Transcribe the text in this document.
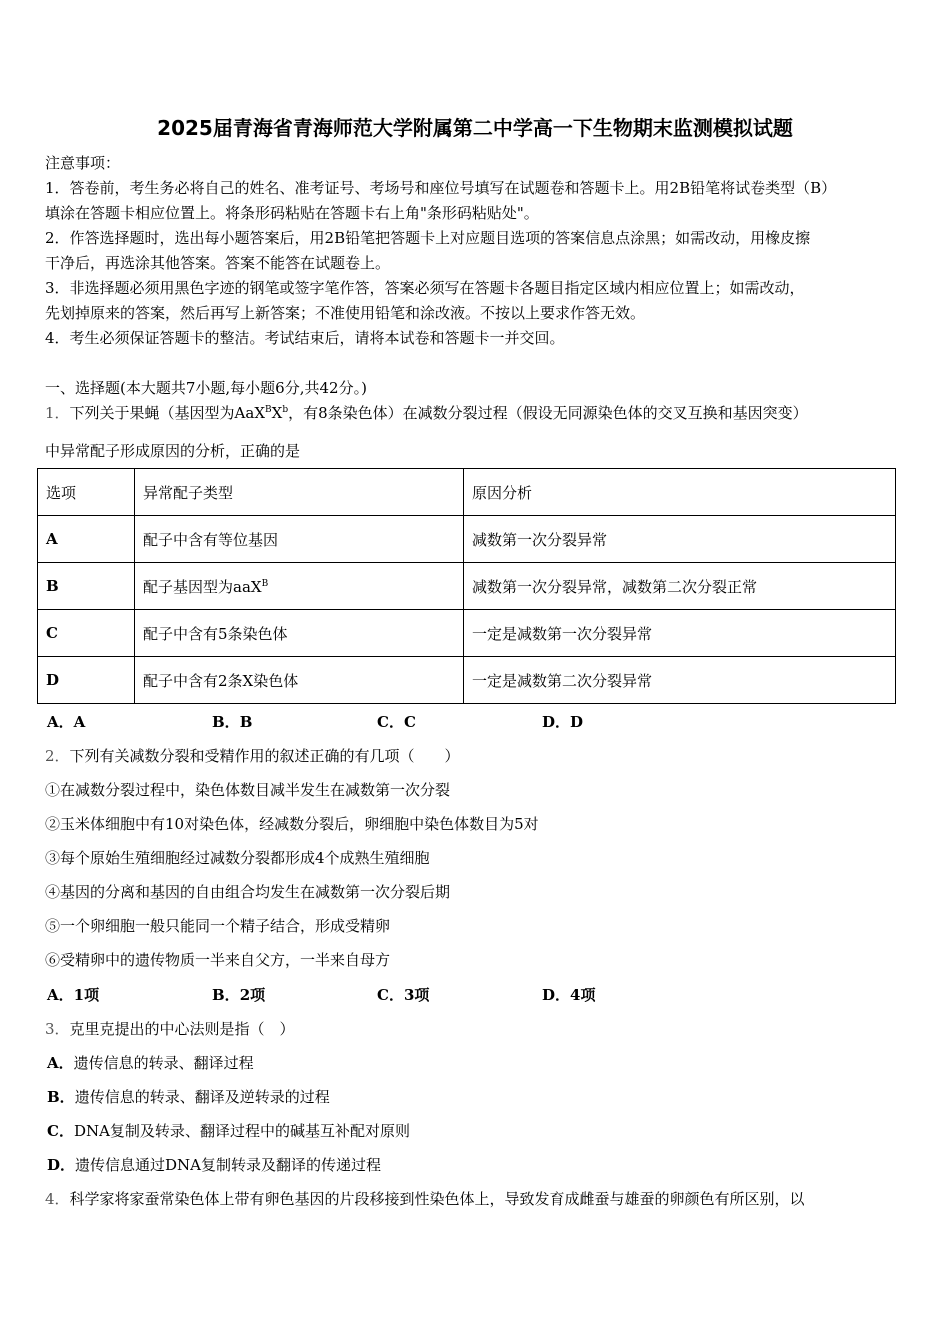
2025届青海省青海师范大学附属第二中学高一下生物期末监测模拟试题
注意事项：
1．答卷前，考生务必将自己的姓名、准考证号、考场号和座位号填写在试题卷和答题卡上。用2B铅笔将试卷类型（B）
填涂在答题卡相应位置上。将条形码粘贴在答题卡右上角"条形码粘贴处"。
2．作答选择题时，选出每小题答案后，用2B铅笔把答题卡上对应题目选项的答案信息点涂黑；如需改动，用橡皮擦
干净后，再选涂其他答案。答案不能答在试题卷上。
3．非选择题必须用黑色字迹的钢笔或签字笔作答，答案必须写在答题卡各题目指定区域内相应位置上；如需改动，
先划掉原来的答案，然后再写上新答案；不准使用铅笔和涂改液。不按以上要求作答无效。
4．考生必须保证答题卡的整洁。考试结束后，请将本试卷和答题卡一并交回。
一、选择题(本大题共7小题,每小题6分,共42分。)
1．下列关于果蝇（基因型为$AaX^BX^b$，有8条染色体）在减数分裂过程（假设无同源染色体的交叉互换和基因突变）
中异常配子形成原因的分析，正确的是
选项	异常配子类型	原因分析
A	配子中含有等位基因	减数第一次分裂异常
B	配子基因型为aaX$^B$	减数第一次分裂异常，减数第二次分裂正常
C	配子中含有5条染色体	一定是减数第一次分裂异常
D	配子中含有2条X染色体	一定是减数第二次分裂异常
A．A	B．B	C．C	D．D
2．下列有关减数分裂和受精作用的叙述正确的有几项（　　）
①在减数分裂过程中，染色体数目减半发生在减数第一次分裂
②玉米体细胞中有10对染色体，经减数分裂后，卵细胞中染色体数目为5对
③每个原始生殖细胞经过减数分裂都形成4个成熟生殖细胞
④基因的分离和基因的自由组合均发生在减数第一次分裂后期
⑤一个卵细胞一般只能同一个精子结合，形成受精卵
⑥受精卵中的遗传物质一半来自父方，一半来自母方
A．1项	B．2项	C．3项	D．4项
3．克里克提出的中心法则是指（　）
A．遗传信息的转录、翻译过程
B．遗传信息的转录、翻译及逆转录的过程
C．DNA复制及转录、翻译过程中的碱基互补配对原则
D．遗传信息通过DNA复制转录及翻译的传递过程
4．科学家将家蚕常染色体上带有卵色基因的片段移接到性染色体上，导致发育成雌蚕与雄蚕的卵颜色有所区别，以
